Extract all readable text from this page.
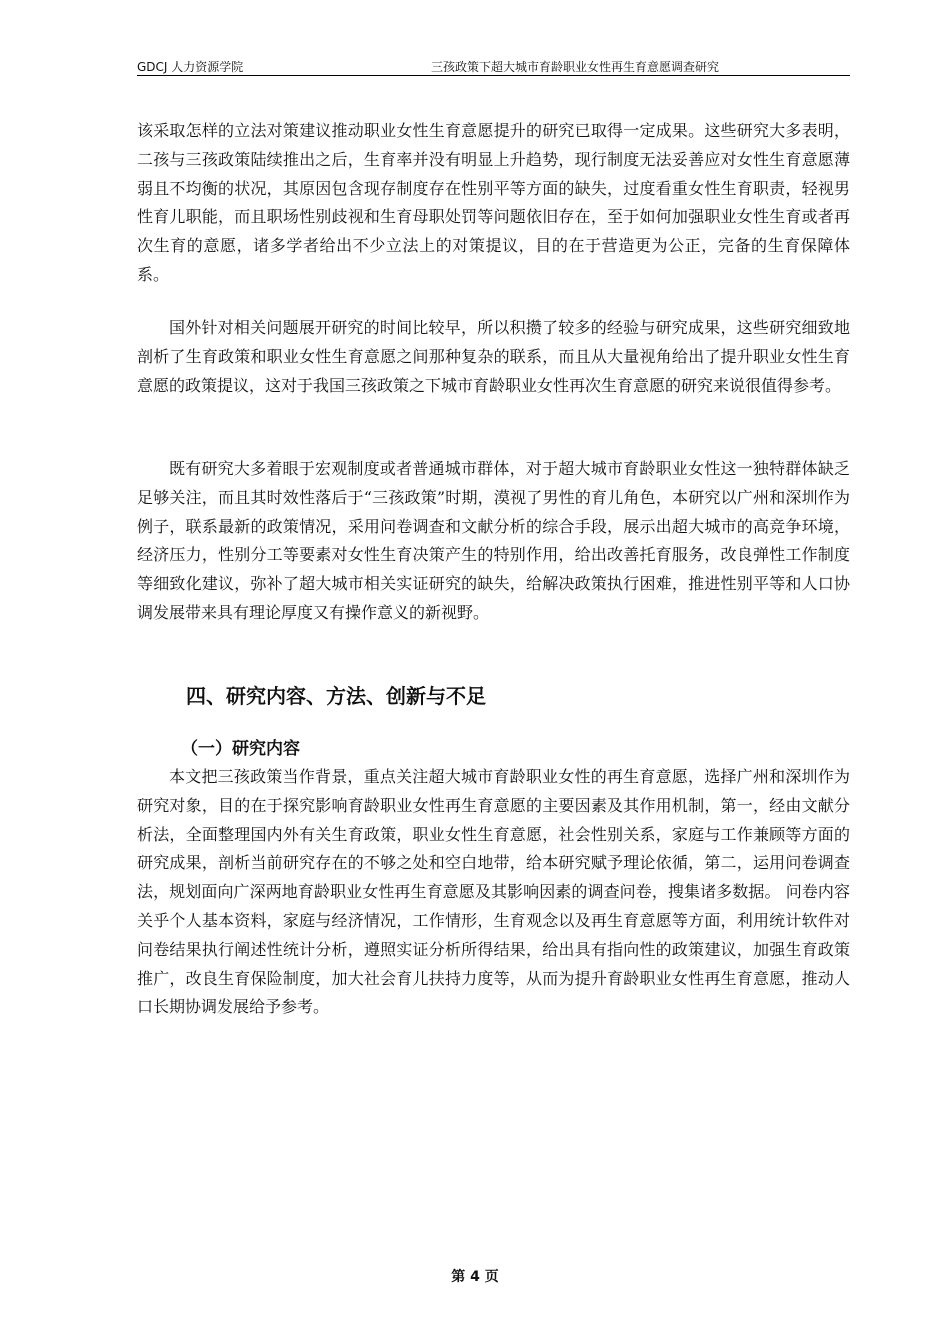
GDCJ 人力资源学院	三孩政策下超大城市育龄职业女性再生育意愿调查研究

该采取怎样的立法对策建议推动职业女性生育意愿提升的研究已取得一定成果。这些研究大多表明，二孩与三孩政策陆续推出之后，生育率并没有明显上升趋势，现行制度无法妥善应对女性生育意愿薄弱且不均衡的状况，其原因包含现存制度存在性别平等方面的缺失，过度看重女性生育职责，轻视男性育儿职能，而且职场性别歧视和生育母职处罚等问题依旧存在，至于如何加强职业女性生育或者再次生育的意愿，诸多学者给出不少立法上的对策提议，目的在于营造更为公正，完备的生育保障体系。

国外针对相关问题展开研究的时间比较早，所以积攒了较多的经验与研究成果，这些研究细致地剖析了生育政策和职业女性生育意愿之间那种复杂的联系，而且从大量视角给出了提升职业女性生育意愿的政策提议，这对于我国三孩政策之下城市育龄职业女性再次生育意愿的研究来说很值得参考。

既有研究大多着眼于宏观制度或者普通城市群体，对于超大城市育龄职业女性这一独特群体缺乏足够关注，而且其时效性落后于“三孩政策”时期，漠视了男性的育儿角色，本研究以广州和深圳作为例子，联系最新的政策情况，采用问卷调查和文献分析的综合手段，展示出超大城市的高竞争环境，经济压力，性别分工等要素对女性生育决策产生的特别作用，给出改善托育服务，改良弹性工作制度等细致化建议，弥补了超大城市相关实证研究的缺失，给解决政策执行困难，推进性别平等和人口协调发展带来具有理论厚度又有操作意义的新视野。

四、研究内容、方法、创新与不足
（一）研究内容

本文把三孩政策当作背景，重点关注超大城市育龄职业女性的再生育意愿，选择广州和深圳作为研究对象，目的在于探究影响育龄职业女性再生育意愿的主要因素及其作用机制，第一，经由文献分析法，全面整理国内外有关生育政策，职业女性生育意愿，社会性别关系，家庭与工作兼顾等方面的研究成果，剖析当前研究存在的不够之处和空白地带，给本研究赋予理论依循，第二，运用问卷调查法，规划面向广深两地育龄职业女性再生育意愿及其影响因素的调查问卷，搜集诸多数据。 问卷内容关乎个人基本资料，家庭与经济情况，工作情形，生育观念以及再生育意愿等方面，利用统计软件对问卷结果执行阐述性统计分析，遵照实证分析所得结果，给出具有指向性的政策建议，加强生育政策推广，改良生育保险制度，加大社会育儿扶持力度等，从而为提升育龄职业女性再生育意愿，推动人口长期协调发展给予参考。

第 4 页
